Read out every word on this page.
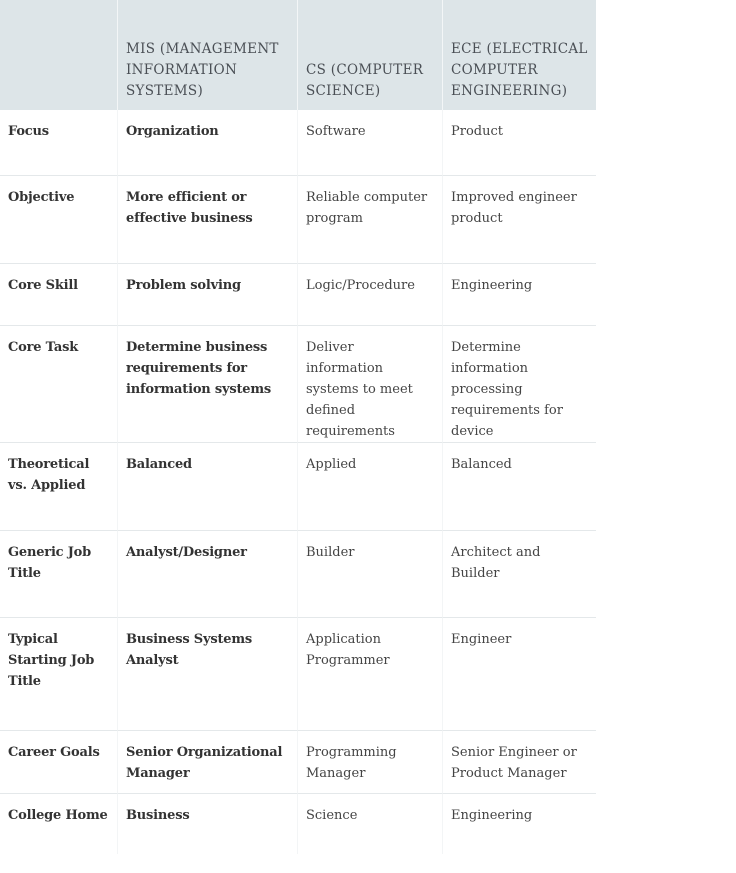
	MIS (MANAGEMENT INFORMATION SYSTEMS)	CS (COMPUTER SCIENCE)	ECE (ELECTRICAL COMPUTER ENGINEERING)
Focus	Organization	Software	Product
Objective	More efficient or effective business	Reliable computer program	Improved engineer product
Core Skill	Problem solving	Logic/Procedure	Engineering
Core Task	Determine business requirements for information systems	Deliver information systems to meet defined requirements	Determine information processing requirements for device
Theoretical vs. Applied	Balanced	Applied	Balanced
Generic Job Title	Analyst/Designer	Builder	Architect and Builder
Typical Starting Job Title	Business Systems Analyst	Application Programmer	Engineer
Career Goals	Senior Organizational Manager	Programming Manager	Senior Engineer or Product Manager
College Home	Business	Science	Engineering
